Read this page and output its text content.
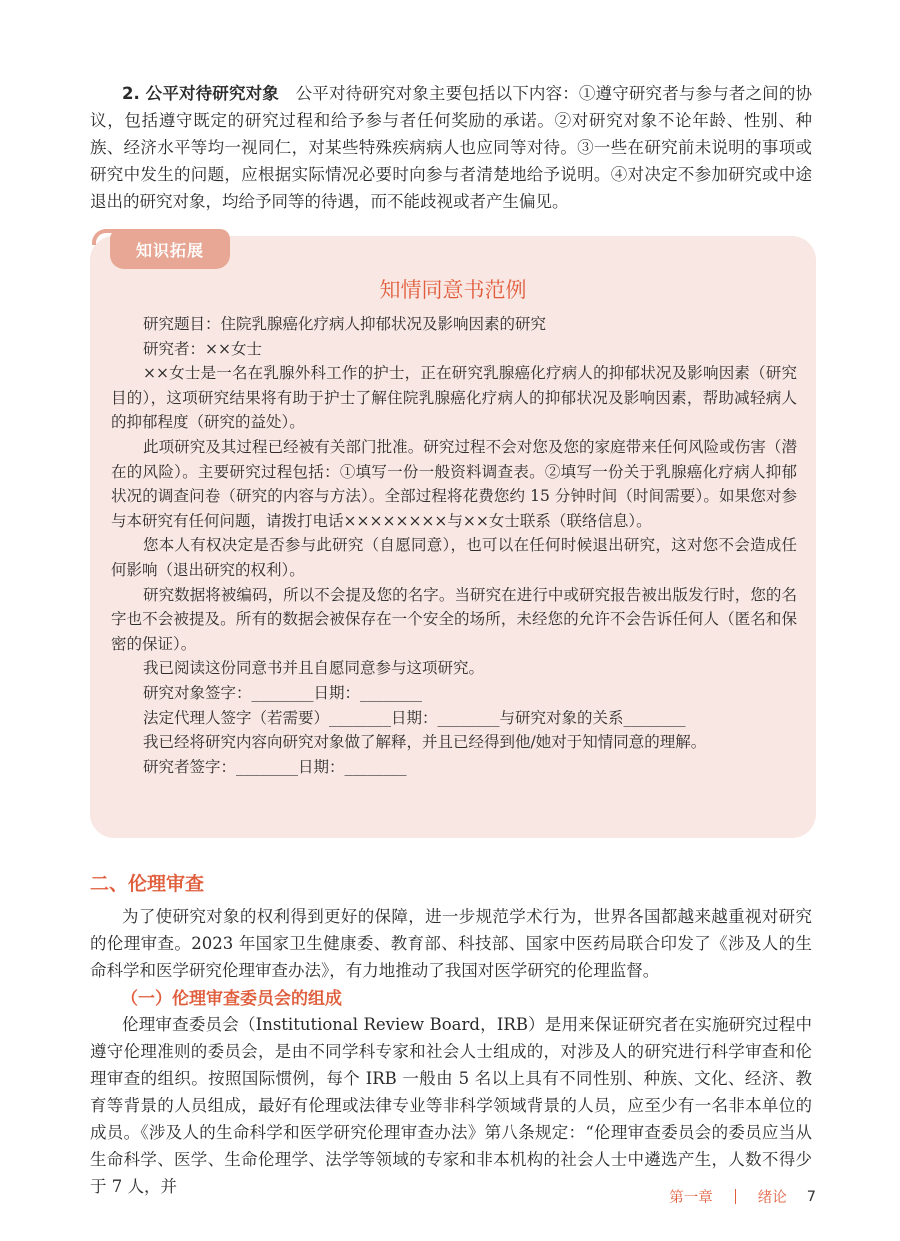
2. 公平对待研究对象　公平对待研究对象主要包括以下内容：①遵守研究者与参与者之间的协议，包括遵守既定的研究过程和给予参与者任何奖励的承诺。②对研究对象不论年龄、性别、种族、经济水平等均一视同仁，对某些特殊疾病病人也应同等对待。③一些在研究前未说明的事项或研究中发生的问题，应根据实际情况必要时向参与者清楚地给予说明。④对决定不参加研究或中途退出的研究对象，均给予同等的待遇，而不能歧视或者产生偏见。

知识拓展
知情同意书范例

研究题目：住院乳腺癌化疗病人抑郁状况及影响因素的研究

研究者：××女士

××女士是一名在乳腺外科工作的护士，正在研究乳腺癌化疗病人的抑郁状况及影响因素（研究目的），这项研究结果将有助于护士了解住院乳腺癌化疗病人的抑郁状况及影响因素，帮助减轻病人的抑郁程度（研究的益处）。

此项研究及其过程已经被有关部门批准。研究过程不会对您及您的家庭带来任何风险或伤害（潜在的风险）。主要研究过程包括：①填写一份一般资料调查表。②填写一份关于乳腺癌化疗病人抑郁状况的调查问卷（研究的内容与方法）。全部过程将花费您约 15 分钟时间（时间需要）。如果您对参与本研究有任何问题，请拨打电话××××××××与××女士联系（联络信息）。

您本人有权决定是否参与此研究（自愿同意），也可以在任何时候退出研究，这对您不会造成任何影响（退出研究的权利）。

研究数据将被编码，所以不会提及您的名字。当研究在进行中或研究报告被出版发行时，您的名字也不会被提及。所有的数据会被保存在一个安全的场所，未经您的允许不会告诉任何人（匿名和保密的保证）。

我已阅读这份同意书并且自愿同意参与这项研究。

研究对象签字：________日期：________

法定代理人签字（若需要）________日期：________与研究对象的关系________

我已经将研究内容向研究对象做了解释，并且已经得到他/她对于知情同意的理解。

研究者签字：________日期：________

二、伦理审查

为了使研究对象的权利得到更好的保障，进一步规范学术行为，世界各国都越来越重视对研究的伦理审查。2023 年国家卫生健康委、教育部、科技部、国家中医药局联合印发了《涉及人的生命科学和医学研究伦理审查办法》，有力地推动了我国对医学研究的伦理监督。

（一）伦理审查委员会的组成

伦理审查委员会（Institutional Review Board，IRB）是用来保证研究者在实施研究过程中遵守伦理准则的委员会，是由不同学科专家和社会人士组成的，对涉及人的研究进行科学审查和伦理审查的组织。按照国际惯例，每个 IRB 一般由 5 名以上具有不同性别、种族、文化、经济、教育等背景的人员组成，最好有伦理或法律专业等非科学领域背景的人员，应至少有一名非本单位的成员。《涉及人的生命科学和医学研究伦理审查办法》第八条规定：“伦理审查委员会的委员应当从生命科学、医学、生命伦理学、法学等领域的专家和非本机构的社会人士中遴选产生，人数不得少于 7 人，并

第一章	绪论 7
